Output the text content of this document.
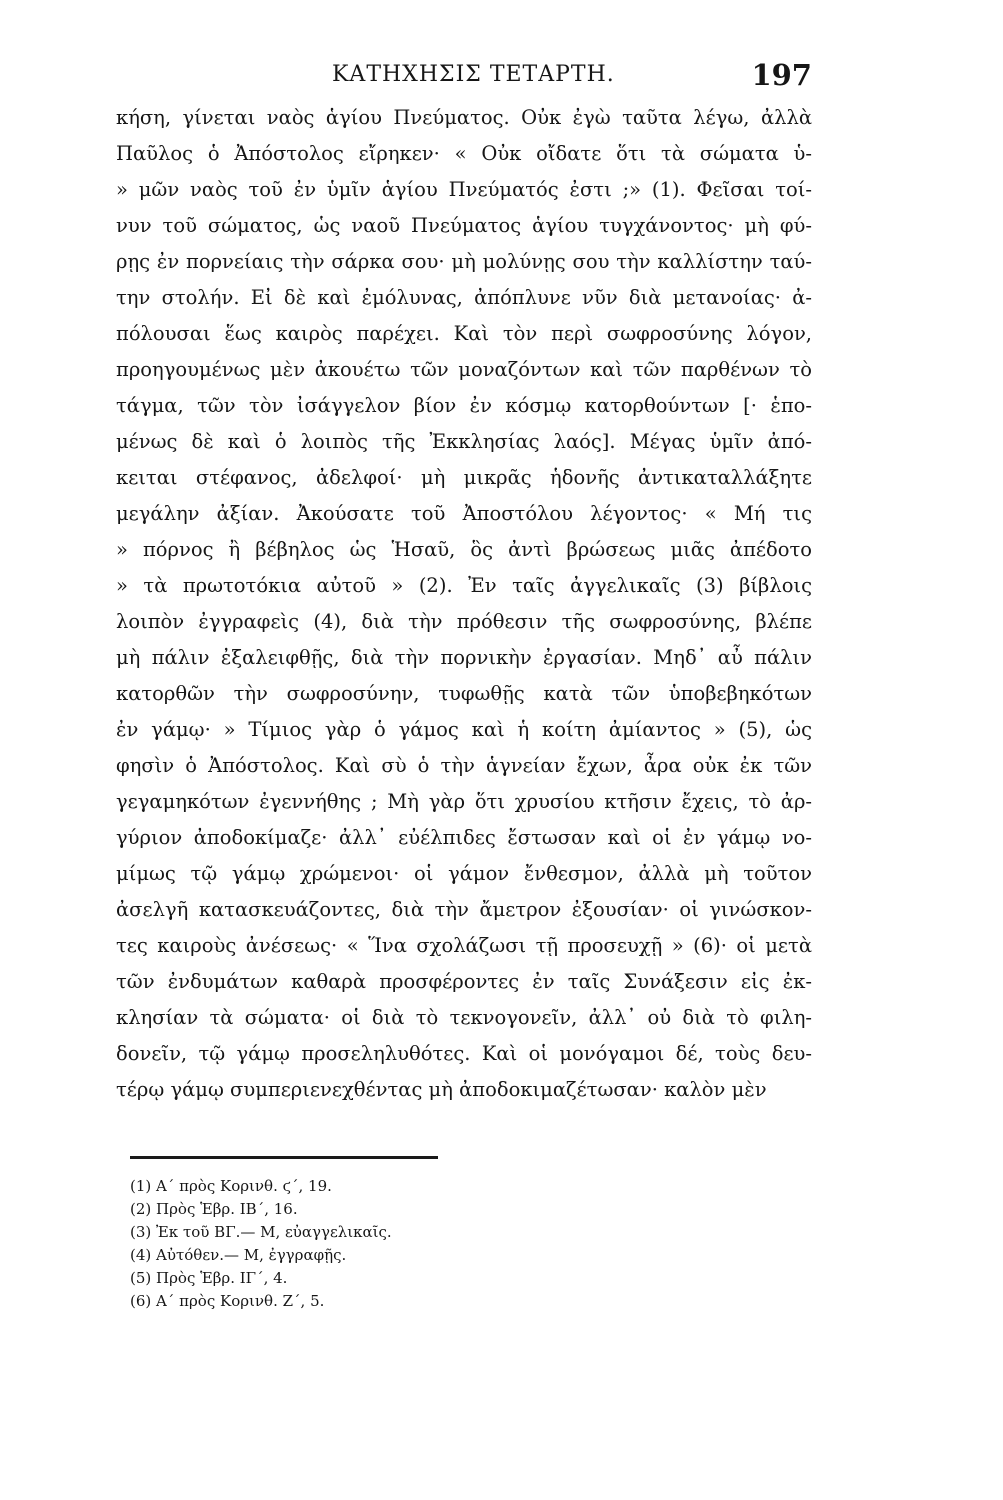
ΚΑΤΗΧΗΣΙΣ ΤΕΤΑΡΤΗ.	197
κήση, γίνεται ναὸς ἁγίου Πνεύματος. Οὐκ ἐγὼ ταῦτα λέγω, ἀλλὰ
Παῦλος ὁ Ἀπόστολος εἴρηκεν· « Οὐκ οἴδατε ὅτι τὰ σώματα ὑ-
» μῶν ναὸς τοῦ ἐν ὑμῖν ἁγίου Πνεύματός ἐστι ;» (1). Φεῖσαι τοί-
νυν τοῦ σώματος, ὡς ναοῦ Πνεύματος ἁγίου τυγχάνοντος· μὴ φύ-
ρῃς ἐν πορνείαις τὴν σάρκα σου· μὴ μολύνῃς σου τὴν καλλίστην ταύ-
την στολήν. Εἰ δὲ καὶ ἐμόλυνας, ἀπόπλυνε νῦν διὰ μετανοίας· ἀ-
πόλουσαι ἕως καιρὸς παρέχει. Καὶ τὸν περὶ σωφροσύνης λόγον,
προηγουμένως μὲν ἀκουέτω τῶν μοναζόντων καὶ τῶν παρθένων τὸ
τάγμα, τῶν τὸν ἰσάγγελον βίον ἐν κόσμῳ κατορθούντων [· ἑπο-
μένως δὲ καὶ ὁ λοιπὸς τῆς Ἐκκλησίας λαός]. Μέγας ὑμῖν ἀπό-
κειται στέφανος, ἀδελφοί· μὴ μικρᾶς ἡδονῆς ἀντικαταλλάξητε
μεγάλην ἀξίαν. Ἀκούσατε τοῦ Ἀποστόλου λέγοντος· « Μή τις
» πόρνος ἢ βέβηλος ὡς Ἡσαῦ, ὃς ἀντὶ βρώσεως μιᾶς ἀπέδοτο
» τὰ πρωτοτόκια αὐτοῦ » (2). Ἐν ταῖς ἀγγελικαῖς (3) βίβλοις
λοιπὸν ἐγγραφεὶς (4), διὰ τὴν πρόθεσιν τῆς σωφροσύνης, βλέπε
μὴ πάλιν ἐξαλειφθῇς, διὰ τὴν πορνικὴν ἐργασίαν. Μηδ᾽ αὖ πάλιν
κατορθῶν τὴν σωφροσύνην, τυφωθῇς κατὰ τῶν ὑποβεβηκότων
ἐν γάμῳ· » Τίμιος γὰρ ὁ γάμος καὶ ἡ κοίτη ἀμίαντος » (5), ὡς
φησὶν ὁ Ἀπόστολος. Καὶ σὺ ὁ τὴν ἁγνείαν ἔχων, ἆρα οὐκ ἐκ τῶν
γεγαμηκότων ἐγεννήθης ; Μὴ γὰρ ὅτι χρυσίου κτῆσιν ἔχεις, τὸ ἀρ-
γύριον ἀποδοκίμαζε· ἀλλ᾽ εὐέλπιδες ἔστωσαν καὶ οἱ ἐν γάμῳ νο-
μίμως τῷ γάμῳ χρώμενοι· οἱ γάμον ἔνθεσμον, ἀλλὰ μὴ τοῦτον
ἀσελγῆ κατασκευάζοντες, διὰ τὴν ἄμετρον ἐξουσίαν· οἱ γινώσκον-
τες καιροὺς ἀνέσεως· « Ἵνα σχολάζωσι τῇ προσευχῇ » (6)· οἱ μετὰ
τῶν ἐνδυμάτων καθαρὰ προσφέροντες ἐν ταῖς Συνάξεσιν εἰς ἐκ-
κλησίαν τὰ σώματα· οἱ διὰ τὸ τεκνογονεῖν, ἀλλ᾽ οὐ διὰ τὸ φιλη-
δονεῖν, τῷ γάμῳ προσεληλυθότες. Καὶ οἱ μονόγαμοι δέ, τοὺς δευ-
τέρῳ γάμῳ συμπεριενεχθέντας μὴ ἀποδοκιμαζέτωσαν· καλὸν μὲν
(1) Α΄ πρὸς Κορινθ. ϛ΄, 19.
(2) Πρὸς Ἑβρ. ΙΒ΄, 16.
(3) Ἐκ τοῦ ΒΓ.— Μ, εὐαγγελικαῖς.
(4) Αὐτόθεν.— Μ, ἐγγραφῇς.
(5) Πρὸς Ἑβρ. ΙΓ΄, 4.
(6) Α΄ πρὸς Κορινθ. Ζ΄, 5.
